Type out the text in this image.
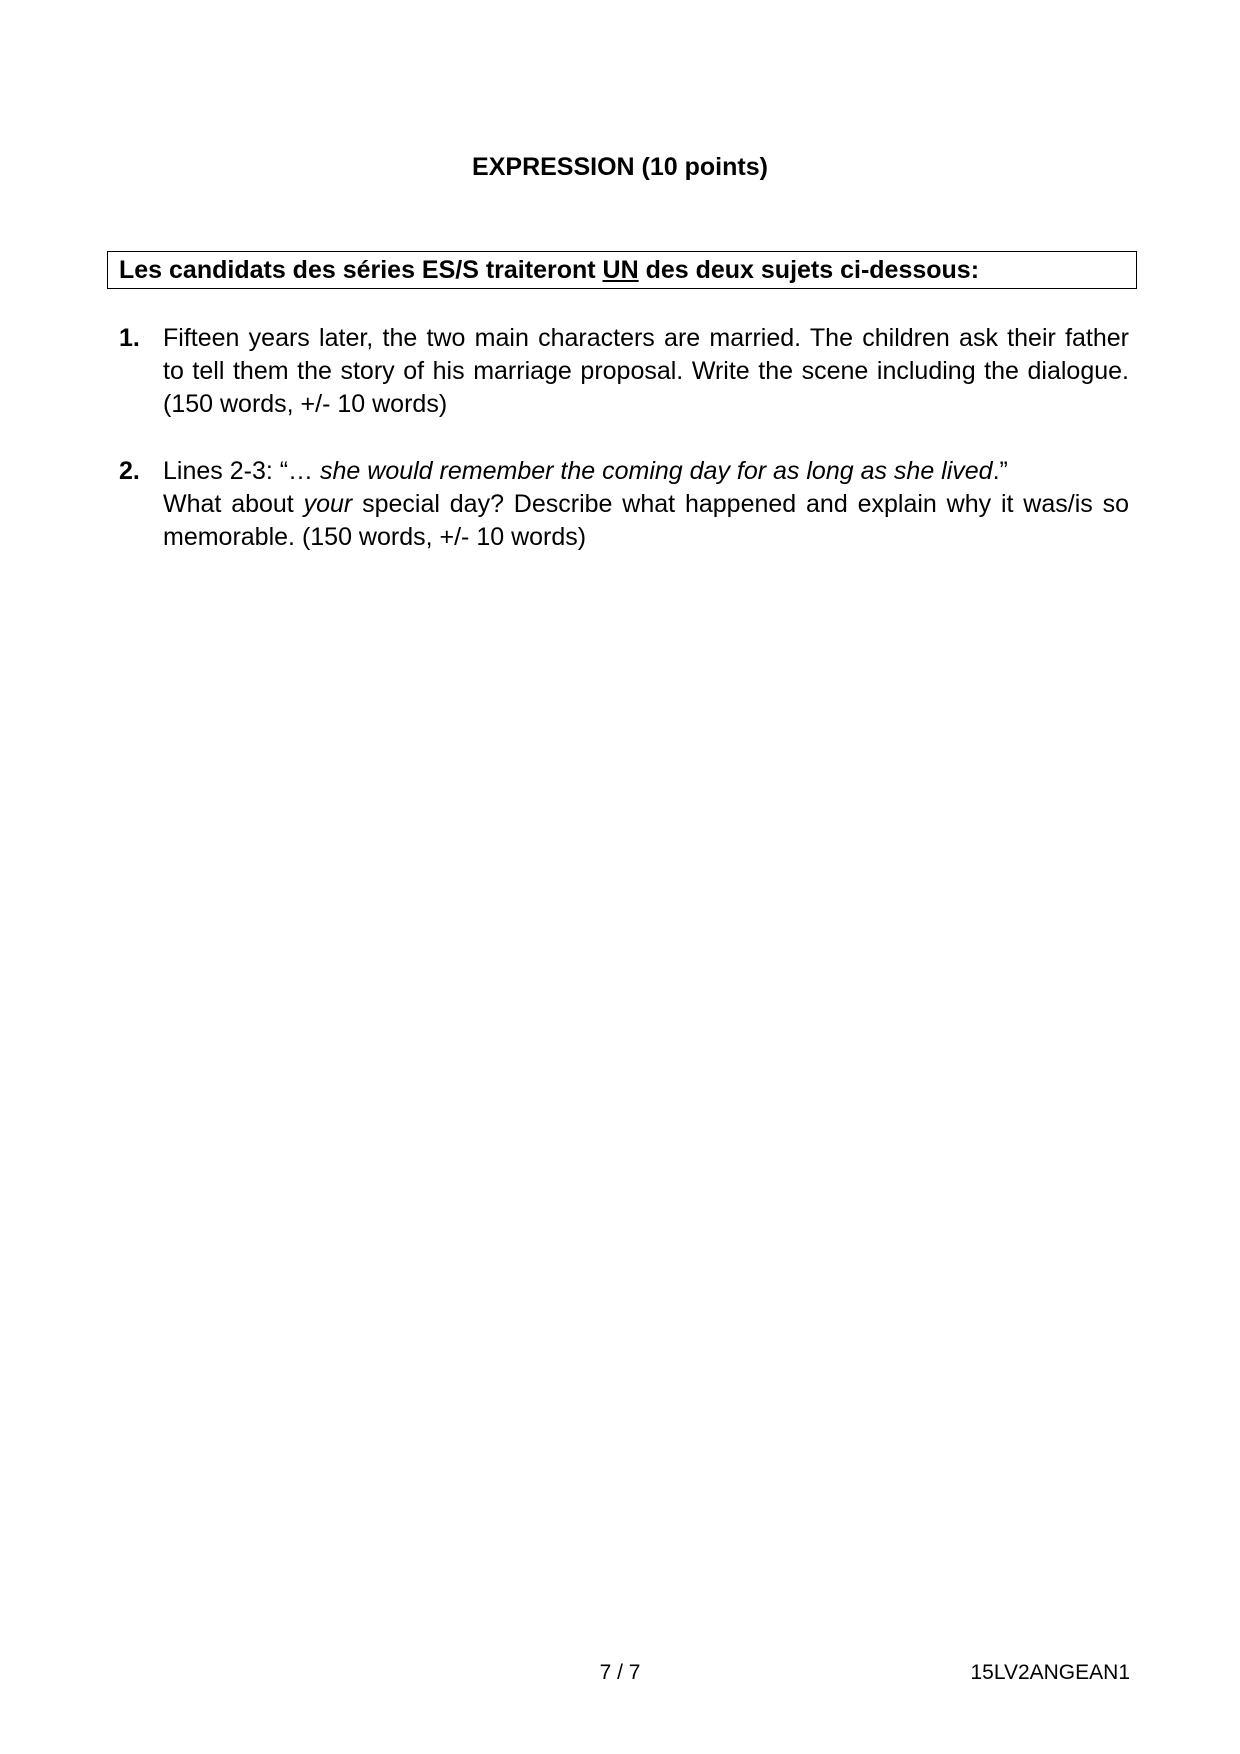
EXPRESSION (10 points)
Les candidats des séries ES/S traiteront UN des deux sujets ci-dessous:
1. Fifteen years later, the two main characters are married. The children ask their father
to tell them the story of his marriage proposal. Write the scene including the dialogue.
(150 words, +/- 10 words)
2. Lines 2-3: “… she would remember the coming day for as long as she lived.”
What about your special day? Describe what happened and explain why it was/is so
memorable. (150 words, +/- 10 words)
7 / 7	15LV2ANGEAN1
